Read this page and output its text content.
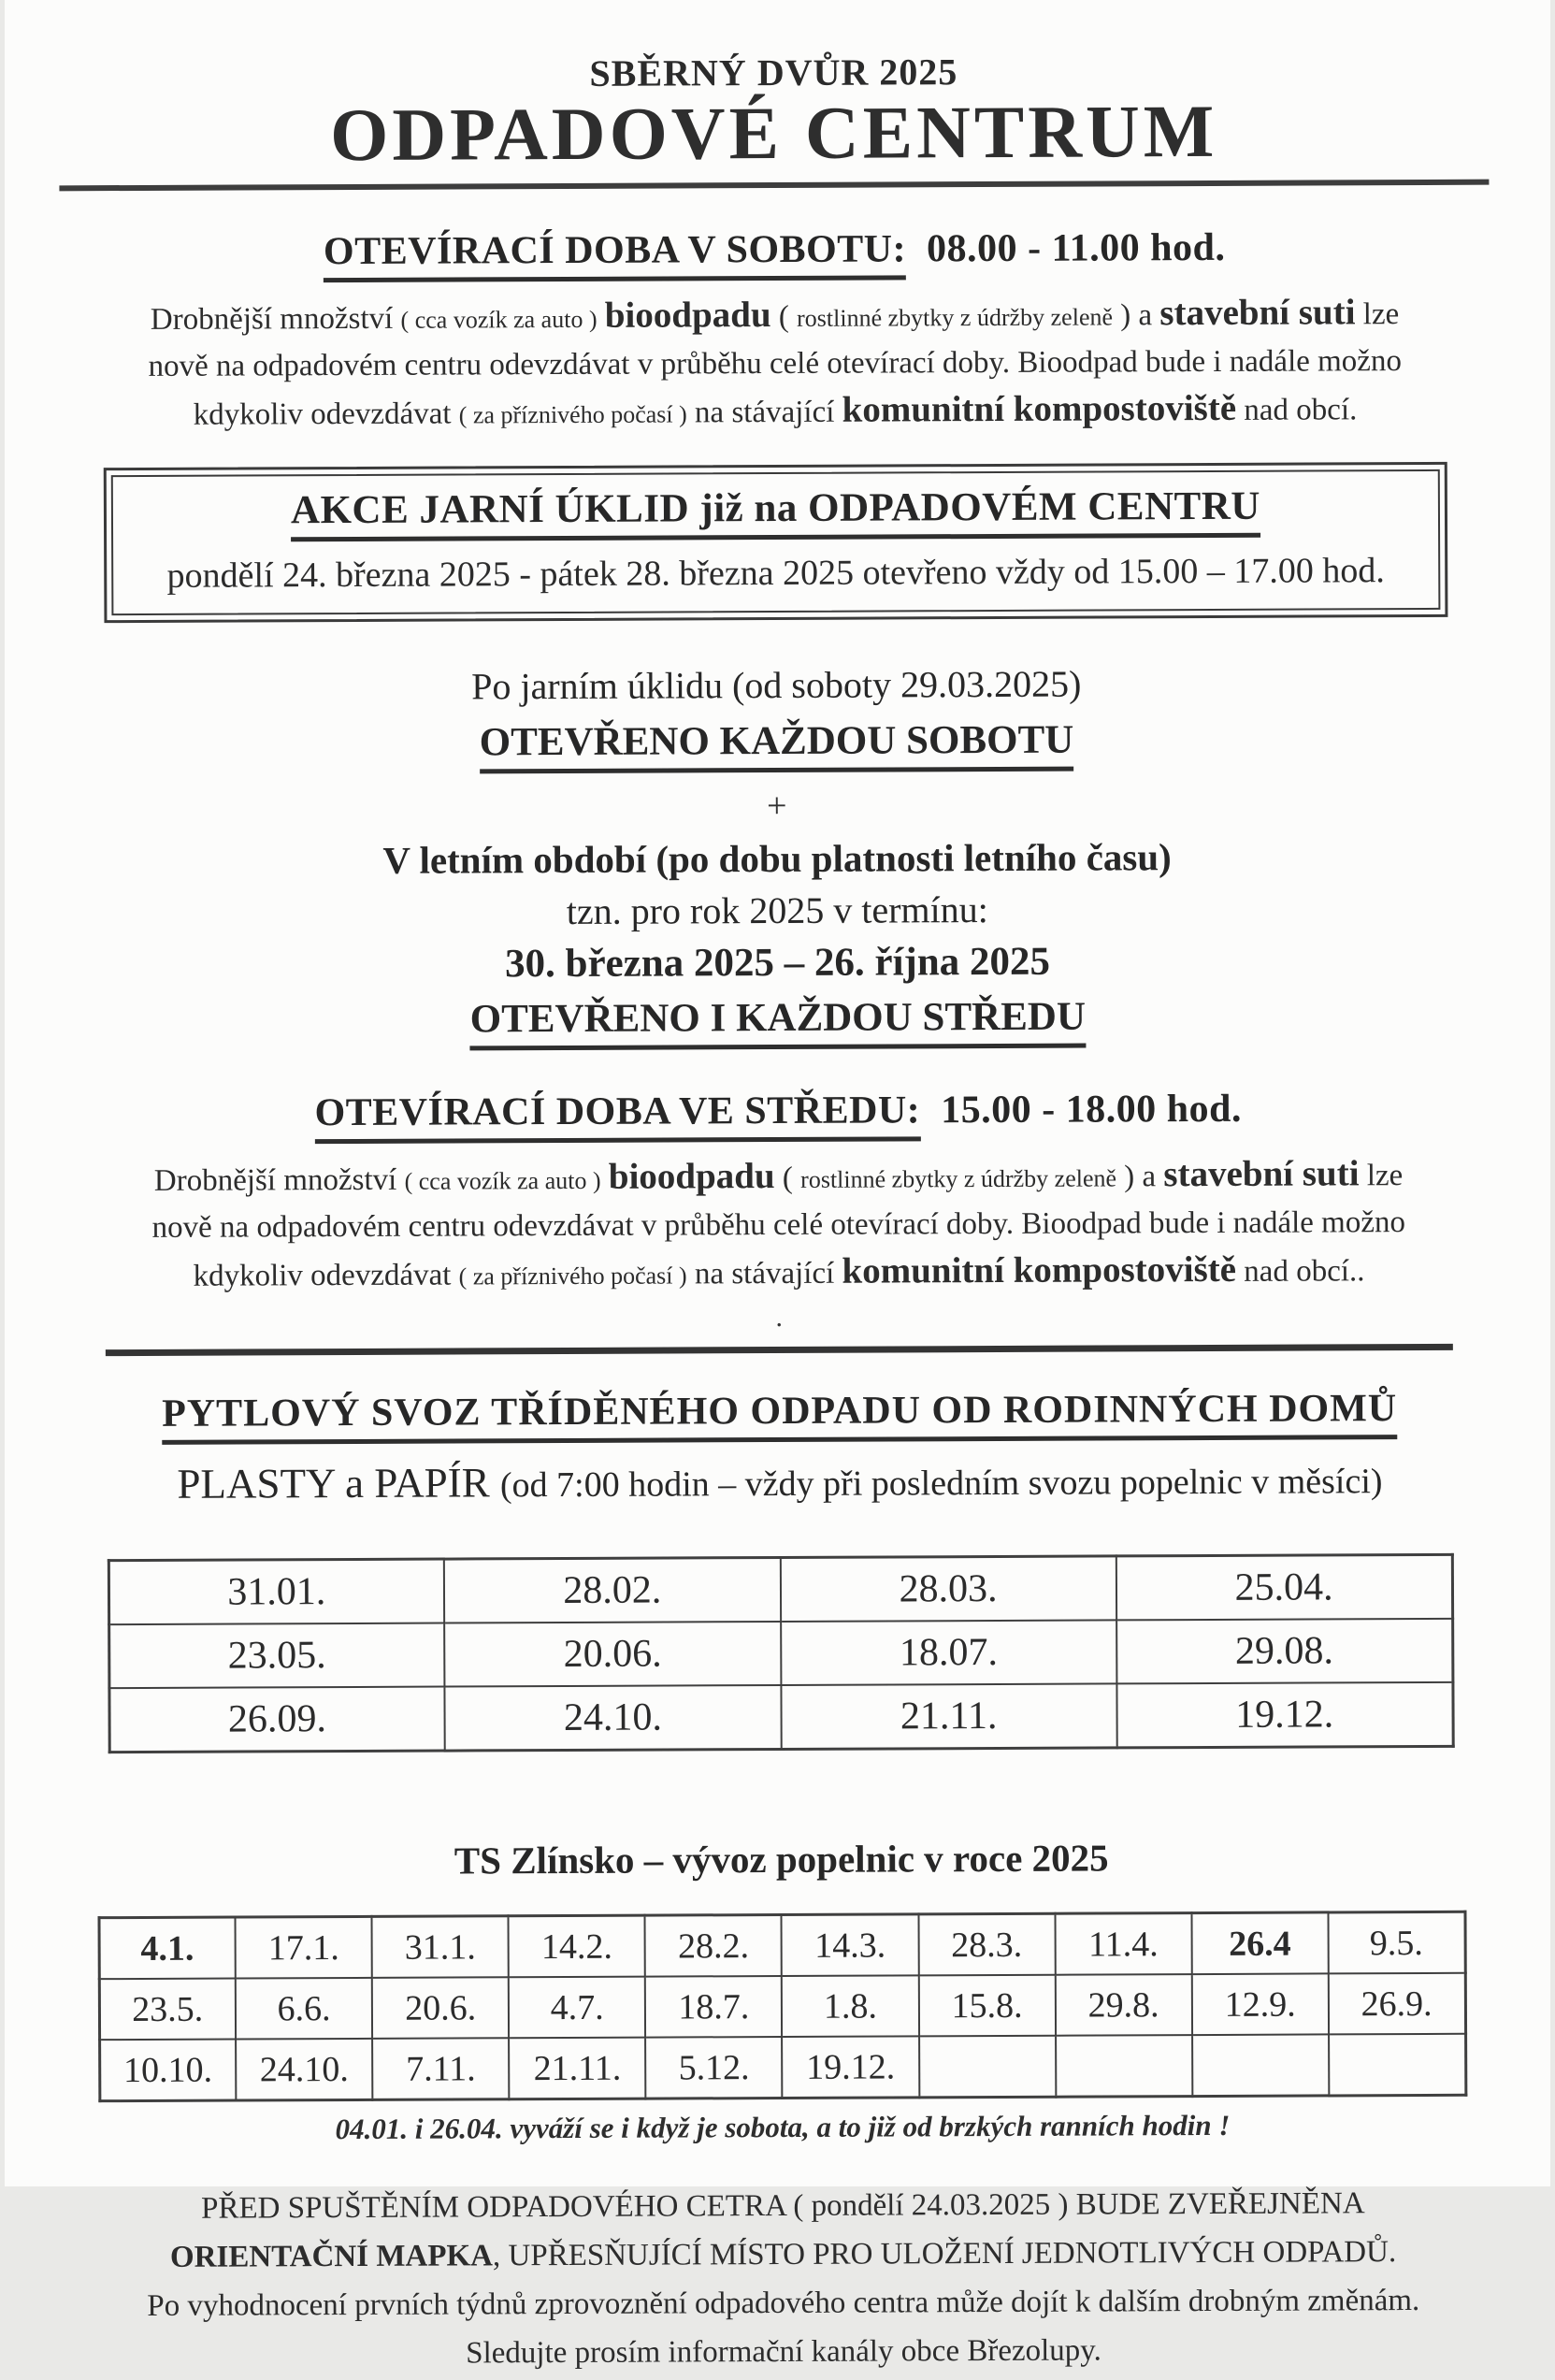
SBĚRNÝ DVŮR 2025
ODPADOVÉ CENTRUM
OTEVÍRACÍ DOBA V SOBOTU: 08.00 - 11.00 hod.
Drobnější množství ( cca vozík za auto ) bioodpadu ( rostlinné zbytky z údržby zeleně ) a stavební suti lze
nově na odpadovém centru odevzdávat v průběhu celé otevírací doby. Bioodpad bude i nadále možno
kdykoliv odevzdávat ( za příznivého počasí ) na stávající komunitní kompostoviště nad obcí.
AKCE JARNÍ ÚKLID již na ODPADOVÉM CENTRU
pondělí 24. března 2025 - pátek 28. března 2025 otevřeno vždy od 15.00 – 17.00 hod.
Po jarním úklidu (od soboty 29.03.2025)
OTEVŘENO KAŽDOU SOBOTU
+
V letním období (po dobu platnosti letního času)
tzn. pro rok 2025 v termínu:
30. března 2025 – 26. října 2025
OTEVŘENO I KAŽDOU STŘEDU
OTEVÍRACÍ DOBA VE STŘEDU: 15.00 - 18.00 hod.
Drobnější množství ( cca vozík za auto ) bioodpadu ( rostlinné zbytky z údržby zeleně ) a stavební suti lze
nově na odpadovém centru odevzdávat v průběhu celé otevírací doby. Bioodpad bude i nadále možno
kdykoliv odevzdávat ( za příznivého počasí ) na stávající komunitní kompostoviště nad obcí..
.
PYTLOVÝ SVOZ TŘÍDĚNÉHO ODPADU OD RODINNÝCH DOMŮ
PLASTY a PAPÍR (od 7:00 hodin – vždy při posledním svozu popelnic v měsíci)
31.01.	28.02.	28.03.	25.04.
23.05.	20.06.	18.07.	29.08.
26.09.	24.10.	21.11.	19.12.
TS Zlínsko – vývoz popelnic v roce 2025
4.1.	17.1.	31.1.	14.2.	28.2.	14.3.	28.3.	11.4.	26.4	9.5.
23.5.	6.6.	20.6.	4.7.	18.7.	1.8.	15.8.	29.8.	12.9.	26.9.
10.10.	24.10.	7.11.	21.11.	5.12.	19.12.				
04.01. i 26.04. vyváží se i když je sobota, a to již od brzkých ranních hodin !
PŘED SPUŠTĚNÍM ODPADOVÉHO CETRA ( pondělí 24.03.2025 ) BUDE ZVEŘEJNĚNA
ORIENTAČNÍ MAPKA, UPŘESŇUJÍCÍ MÍSTO PRO ULOŽENÍ JEDNOTLIVÝCH ODPADŮ.
Po vyhodnocení prvních týdnů zprovoznění odpadového centra může dojít k dalším drobným změnám.
Sledujte prosím informační kanály obce Březolupy.
